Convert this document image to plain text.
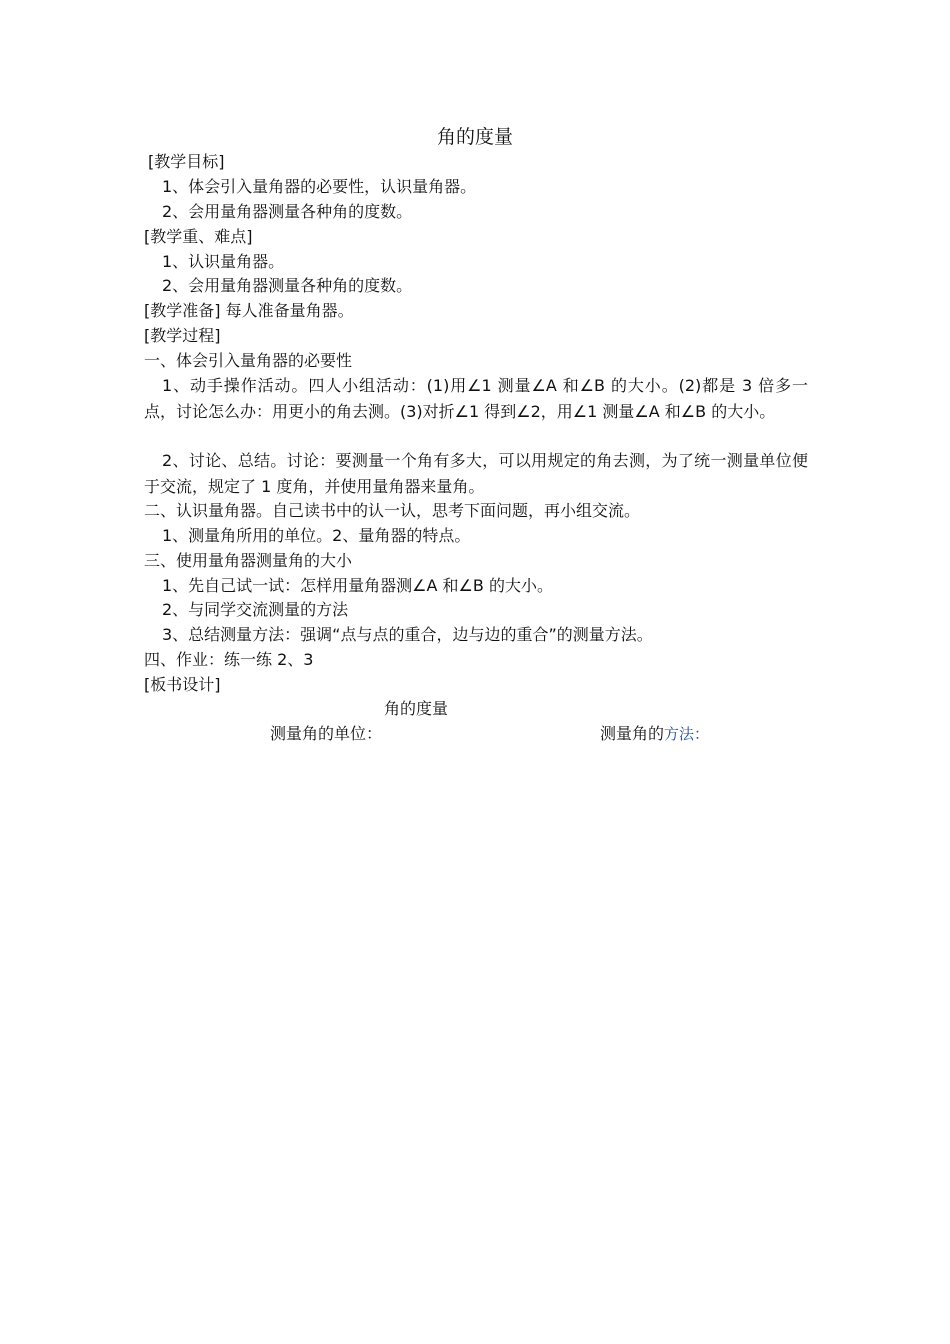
角的度量
[教学目标]
1、体会引入量角器的必要性，认识量角器。
2、会用量角器测量各种角的度数。
[教学重、难点]
1、认识量角器。
2、会用量角器测量各种角的度数。
[教学准备] 每人准备量角器。
[教学过程]
一、体会引入量角器的必要性
1、动手操作活动。四人小组活动：(1)用∠1 测量∠A 和∠B 的大小。(2)都是 3 倍多一点，讨论怎么办：用更小的角去测。(3)对折∠1 得到∠2，用∠1 测量∠A 和∠B 的大小。
2、讨论、总结。讨论：要测量一个角有多大，可以用规定的角去测，为了统一测量单位便于交流，规定了 1 度角，并使用量角器来量角。
二、认识量角器。自己读书中的认一认，思考下面问题，再小组交流。
1、测量角所用的单位。2、量角器的特点。
三、使用量角器测量角的大小
1、先自己试一试：怎样用量角器测∠A 和∠B 的大小。
2、与同学交流测量的方法
3、总结测量方法：强调“点与点的重合，边与边的重合”的测量方法。
四、作业：练一练 2、3
[板书设计]
角的度量
测量角的单位：	测量角的方法：
